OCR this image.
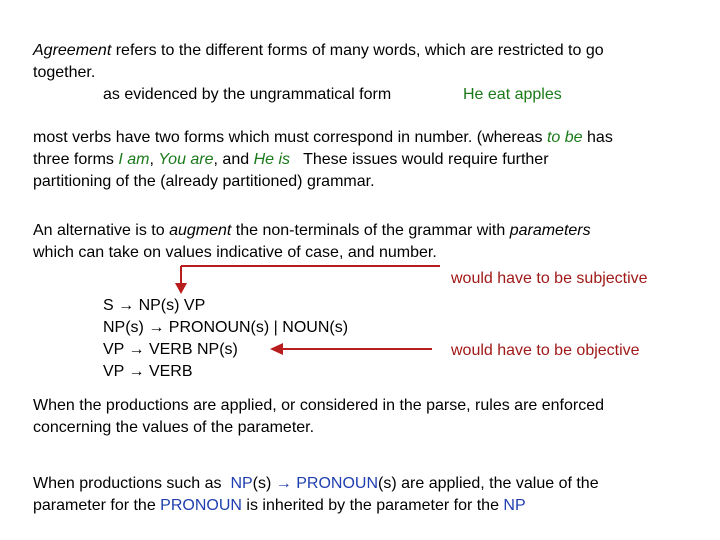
Agreement refers to the different forms of many words, which are restricted to go

together.

as evidenced by the ungrammatical form	He eat apples

most verbs have two forms which must correspond in number. (whereas to be has

three forms I am, You are, and He is   These issues would require further

partitioning of the (already partitioned) grammar.

An alternative is to augment the non-terminals of the grammar with parameters

which can take on values indicative of case, and number.

would have to be subjective

would have to be objective

S → NP(s) VP

NP(s) → PRONOUN(s) | NOUN(s)

VP → VERB NP(s)

VP → VERB

When the productions are applied, or considered in the parse, rules are enforced

concerning the values of the parameter.

When productions such as  NP(s) → PRONOUN(s) are applied, the value of the

parameter for the PRONOUN is inherited by the parameter for the NP
